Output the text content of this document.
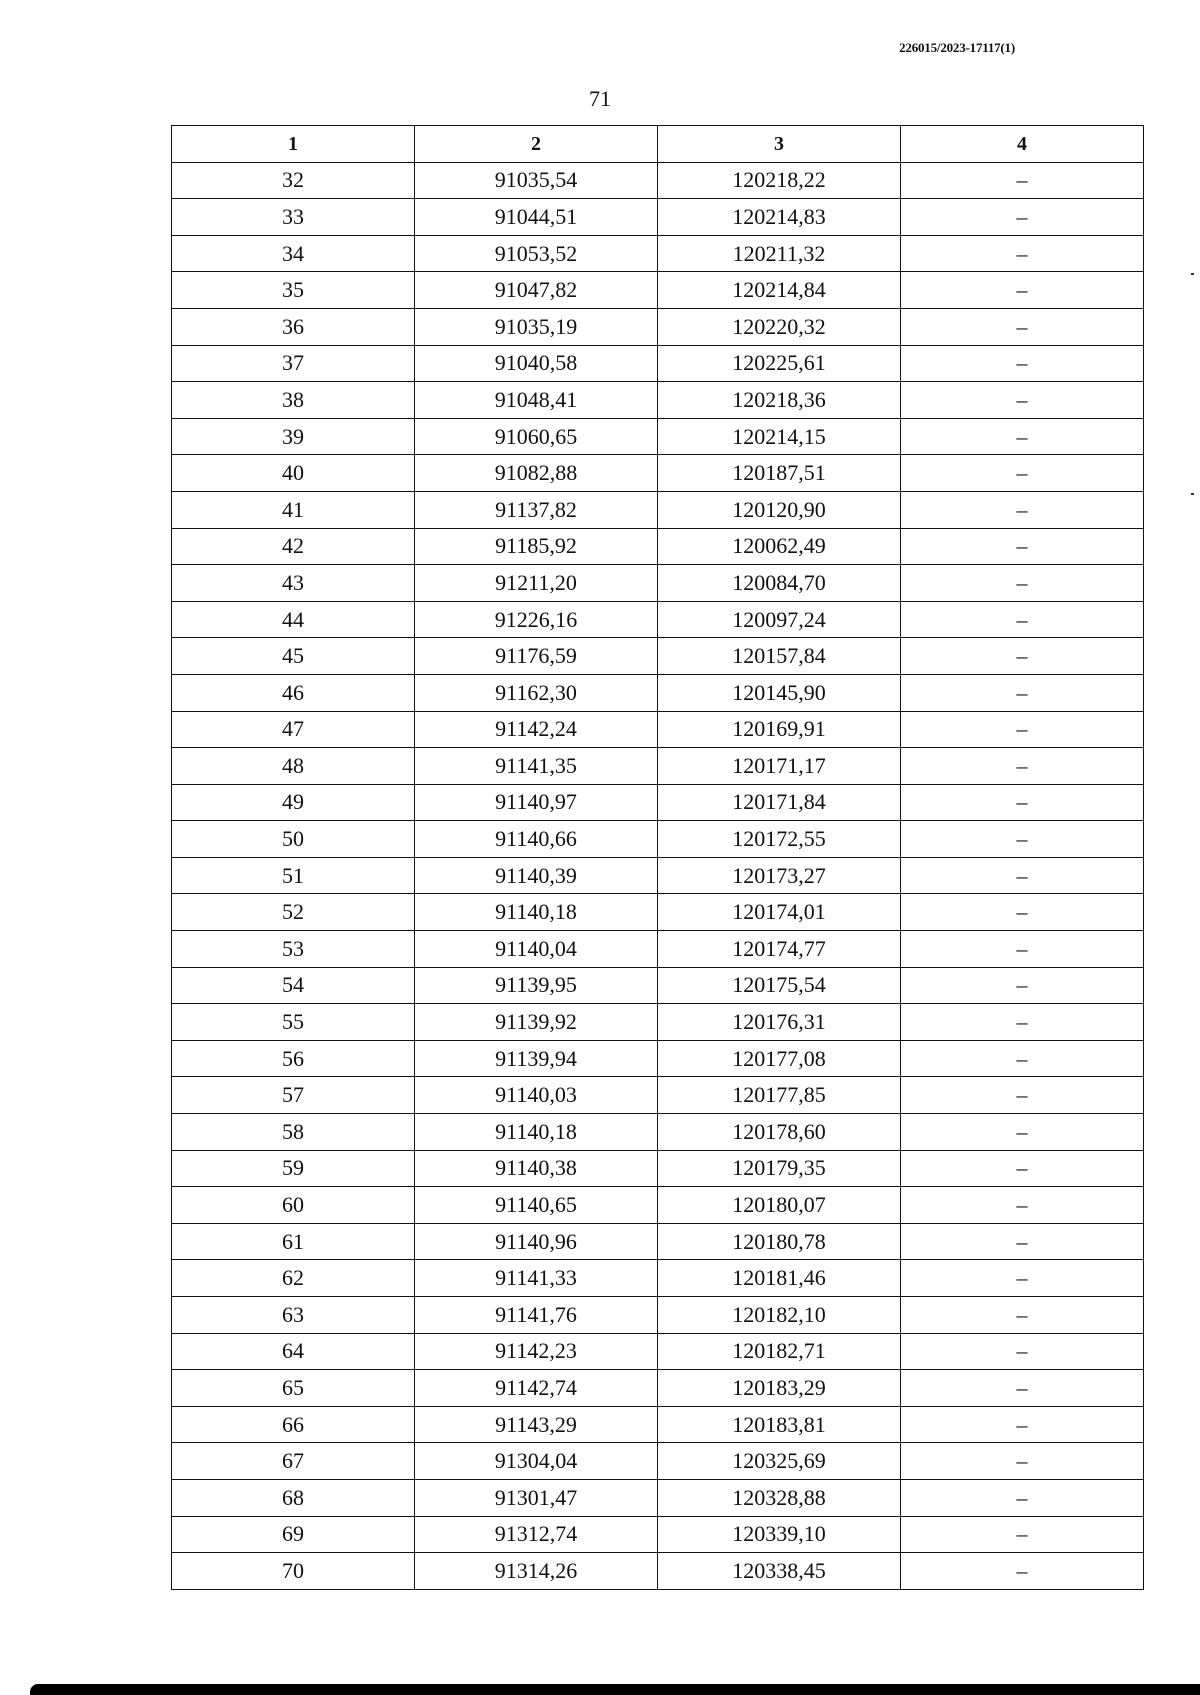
226015/2023-17117(1)
71
1	2	3	4
32	91035,54	120218,22	–
33	91044,51	120214,83	–
34	91053,52	120211,32	–
35	91047,82	120214,84	–
36	91035,19	120220,32	–
37	91040,58	120225,61	–
38	91048,41	120218,36	–
39	91060,65	120214,15	–
40	91082,88	120187,51	–
41	91137,82	120120,90	–
42	91185,92	120062,49	–
43	91211,20	120084,70	–
44	91226,16	120097,24	–
45	91176,59	120157,84	–
46	91162,30	120145,90	–
47	91142,24	120169,91	–
48	91141,35	120171,17	–
49	91140,97	120171,84	–
50	91140,66	120172,55	–
51	91140,39	120173,27	–
52	91140,18	120174,01	–
53	91140,04	120174,77	–
54	91139,95	120175,54	–
55	91139,92	120176,31	–
56	91139,94	120177,08	–
57	91140,03	120177,85	–
58	91140,18	120178,60	–
59	91140,38	120179,35	–
60	91140,65	120180,07	–
61	91140,96	120180,78	–
62	91141,33	120181,46	–
63	91141,76	120182,10	–
64	91142,23	120182,71	–
65	91142,74	120183,29	–
66	91143,29	120183,81	–
67	91304,04	120325,69	–
68	91301,47	120328,88	–
69	91312,74	120339,10	–
70	91314,26	120338,45	–
